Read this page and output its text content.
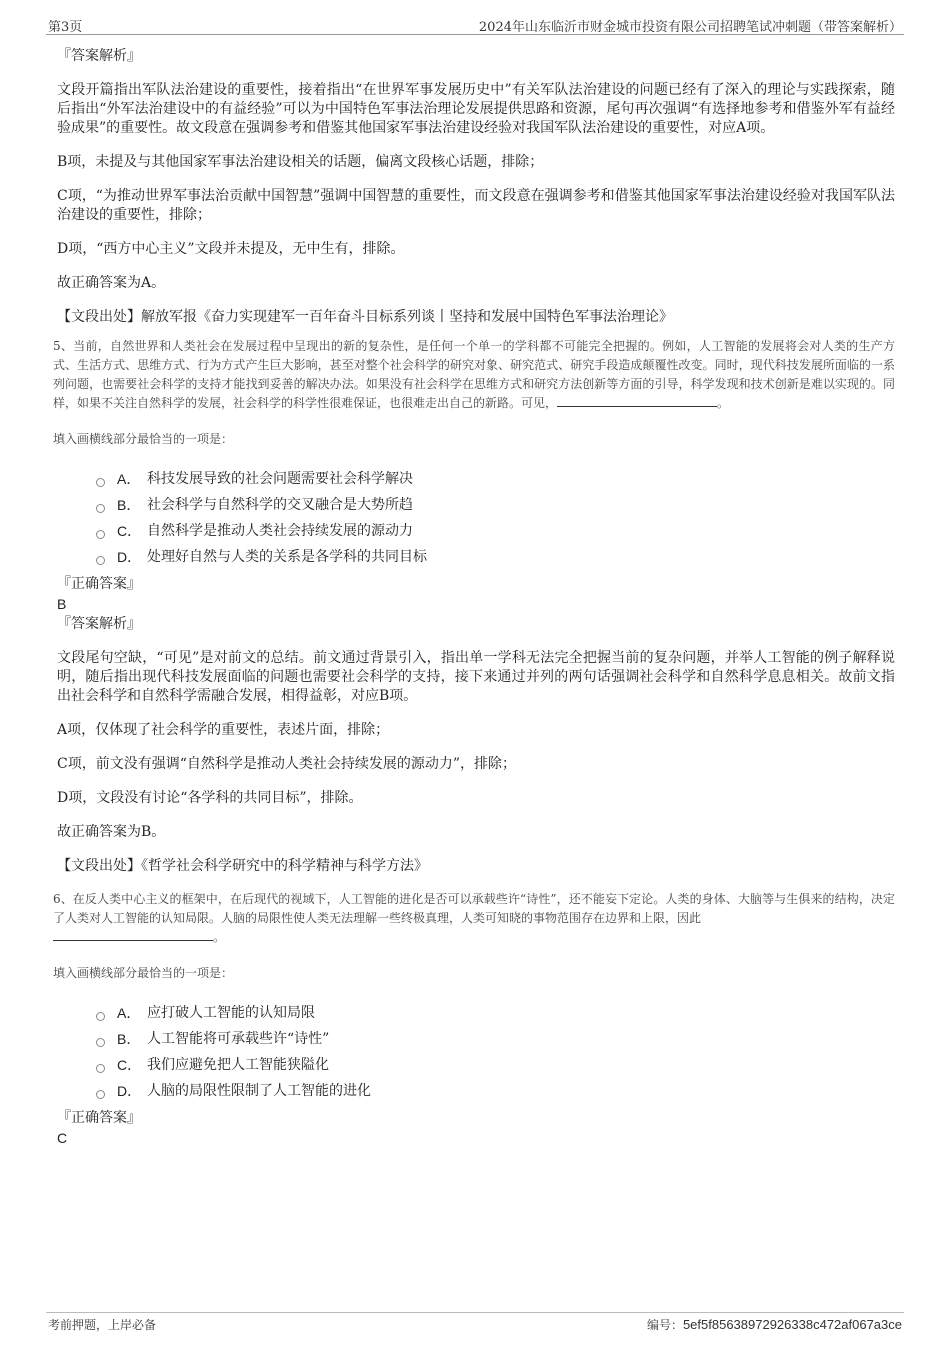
第3页	2024年山东临沂市财金城市投资有限公司招聘笔试冲刺题（带答案解析）
『答案解析』

文段开篇指出军队法治建设的重要性，接着指出“在世界军事发展历史中”有关军队法治建设的问题已经有了深入的理论与实践探索，随后指出“外军法治建设中的有益经验”可以为中国特色军事法治理论发展提供思路和资源，尾句再次强调“有选择地参考和借鉴外军有益经验成果”的重要性。故文段意在强调参考和借鉴其他国家军事法治建设经验对我国军队法治建设的重要性，对应A项。

B项，未提及与其他国家军事法治建设相关的话题，偏离文段核心话题，排除；

C项，“为推动世界军事法治贡献中国智慧”强调中国智慧的重要性，而文段意在强调参考和借鉴其他国家军事法治建设经验对我国军队法治建设的重要性，排除；

D项，“西方中心主义”文段并未提及，无中生有，排除。

故正确答案为A。

【文段出处】解放军报《奋力实现建军一百年奋斗目标系列谈丨坚持和发展中国特色军事法治理论》

5、当前，自然世界和人类社会在发展过程中呈现出的新的复杂性，是任何一个单一的学科都不可能完全把握的。例如，人工智能的发展将会对人类的生产方式、生活方式、思维方式、行为方式产生巨大影响，甚至对整个社会科学的研究对象、研究范式、研究手段造成颠覆性改变。同时，现代科技发展所面临的一系列问题，也需要社会科学的支持才能找到妥善的解决办法。如果没有社会科学在思维方式和研究方法创新等方面的引导，科学发现和技术创新是难以实现的。同样，如果不关注自然科学的发展，社会科学的科学性很难保证，也很难走出自己的新路。可见，	。

填入画横线部分最恰当的一项是：
A． 科技发展导致的社会问题需要社会科学解决
B． 社会科学与自然科学的交叉融合是大势所趋
C． 自然科学是推动人类社会持续发展的源动力
D． 处理好自然与人类的关系是各学科的共同目标
『正确答案』
B
『答案解析』

文段尾句空缺，“可见”是对前文的总结。前文通过背景引入，指出单一学科无法完全把握当前的复杂问题，并举人工智能的例子解释说明，随后指出现代科技发展面临的问题也需要社会科学的支持，接下来通过并列的两句话强调社会科学和自然科学息息相关。故前文指出社会科学和自然科学需融合发展，相得益彰，对应B项。

A项，仅体现了社会科学的重要性，表述片面，排除；

C项，前文没有强调“自然科学是推动人类社会持续发展的源动力”，排除；

D项，文段没有讨论“各学科的共同目标”，排除。

故正确答案为B。

【文段出处】《哲学社会科学研究中的科学精神与科学方法》

6、在反人类中心主义的框架中，在后现代的视域下，人工智能的进化是否可以承载些许“诗性”，还不能妄下定论。人类的身体、大脑等与生俱来的结构，决定了人类对人工智能的认知局限。人脑的局限性使人类无法理解一些终极真理，人类可知晓的事物范围存在边界和上限，因此
。

填入画横线部分最恰当的一项是：
A． 应打破人工智能的认知局限
B． 人工智能将可承载些许“诗性”
C． 我们应避免把人工智能狭隘化
D． 人脑的局限性限制了人工智能的进化
『正确答案』
C
考前押题，上岸必备	编号：5ef5f85638972926338c472af067a3ce
